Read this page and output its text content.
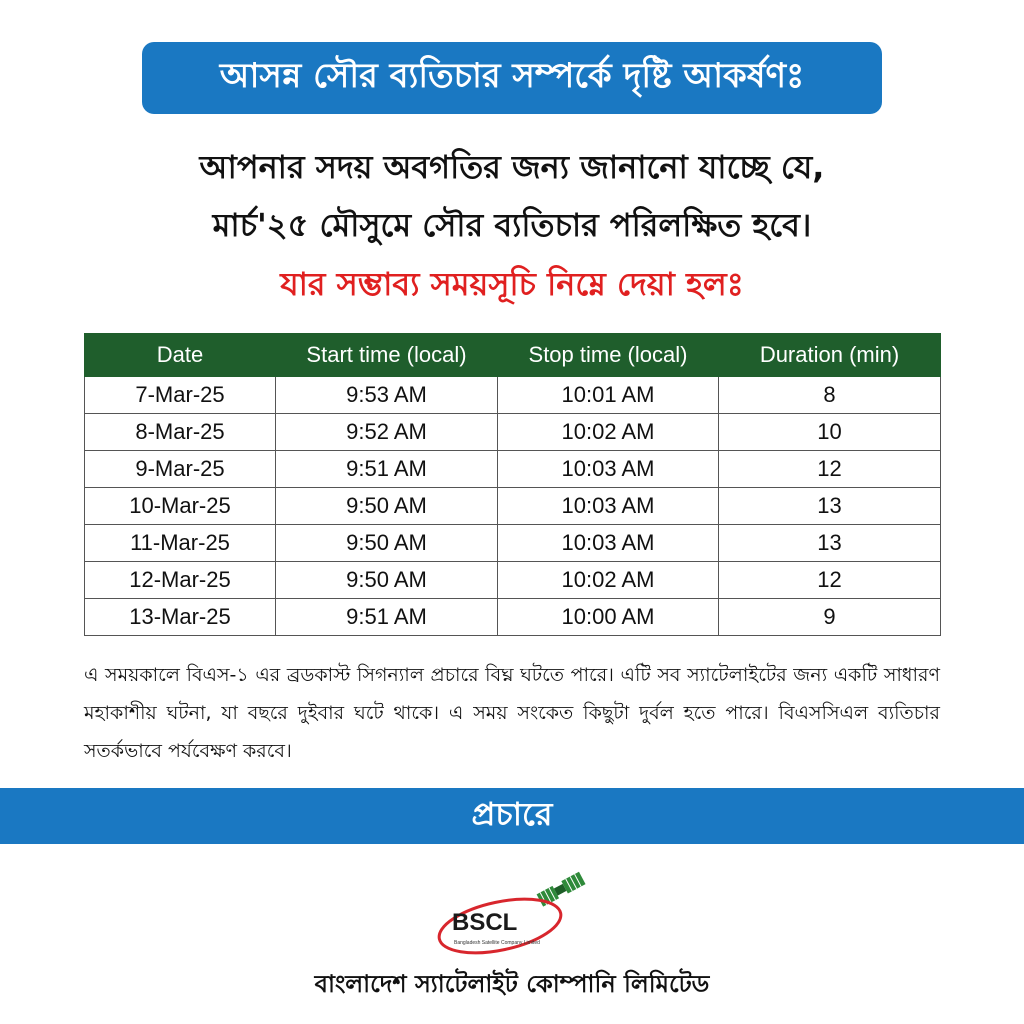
আসন্ন সৌর ব্যতিচার সম্পর্কে দৃষ্টি আকর্ষণঃ
আপনার সদয় অবগতির জন্য জানানো যাচ্ছে যে,
মার্চ'২৫ মৌসুমে সৌর ব্যতিচার পরিলক্ষিত হবে।
যার সম্ভাব্য সময়সূচি নিম্নে দেয়া হলঃ
Date	Start time (local)	Stop time (local)	Duration (min)
7-Mar-25	9:53 AM	10:01 AM	8
8-Mar-25	9:52 AM	10:02 AM	10
9-Mar-25	9:51 AM	10:03 AM	12
10-Mar-25	9:50 AM	10:03 AM	13
11-Mar-25	9:50 AM	10:03 AM	13
12-Mar-25	9:50 AM	10:02 AM	12
13-Mar-25	9:51 AM	10:00 AM	9
এ সময়কালে বিএস-১ এর ব্রডকাস্ট সিগন্যাল প্রচারে বিঘ্ন ঘটতে পারে। এটি সব স্যাটেলাইটের জন্য একটি সাধারণ মহাকাশীয় ঘটনা, যা বছরে দুইবার ঘটে থাকে। এ সময় সংকেত কিছুটা দুর্বল হতে পারে। বিএসসিএল ব্যতিচার সতর্কভাবে পর্যবেক্ষণ করবে।
প্রচারে
BSCL
Bangladesh Satellite Company Limited
বাংলাদেশ স্যাটেলাইট কোম্পানি লিমিটেড
